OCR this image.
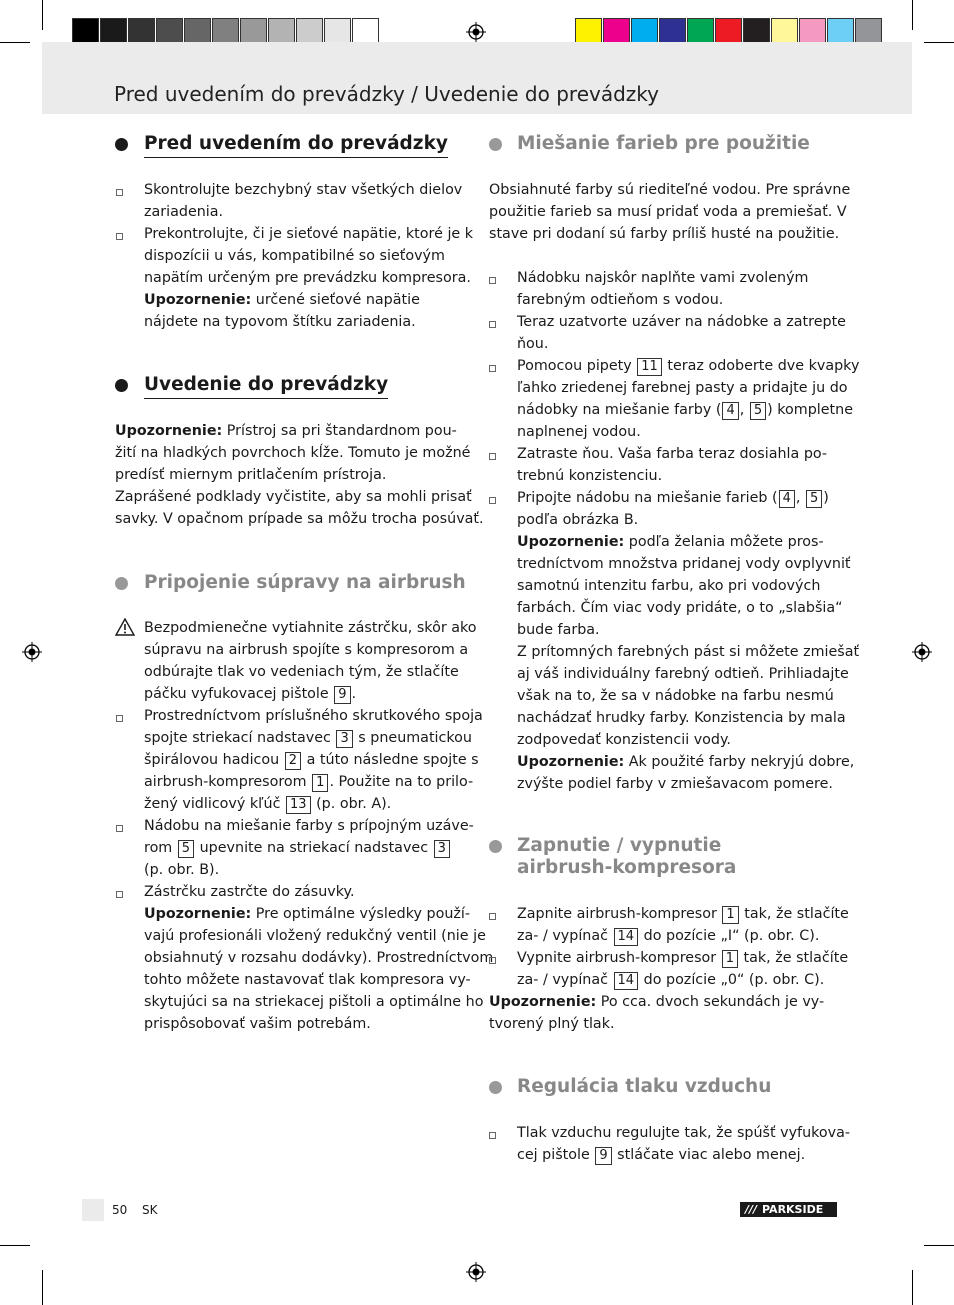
Pred uvedením do prevádzky / Uvedenie do prevádzky
Pred uvedením do prevádzky
Skontrolujte bezchybný stav všetkých dielov
zariadenia.
Prekontrolujte, či je sieťové napätie, ktoré je k
dispozícii u vás, kompatibilné so sieťovým
napätím určeným pre prevádzku kompresora.
Upozornenie: určené sieťové napätie
nájdete na typovom štítku zariadenia.
Uvedenie do prevádzky
Upozornenie: Prístroj sa pri štandardnom pou-
žití na hladkých povrchoch kĺže. Tomuto je možné
predísť miernym pritlačením prístroja.
Zaprášené podklady vyčistite, aby sa mohli prisať
savky. V opačnom prípade sa môžu trocha posúvať.
Pripojenie súpravy na airbrush
Bezpodmienečne vytiahnite zástrčku, skôr ako
súpravu na airbrush spojíte s kompresorom a
odbúrajte tlak vo vedeniach tým, že stlačíte
páčku vyfukovacej pištole 9 .
Prostredníctvom príslušného skrutkového spoja
spojte striekací nadstavec 3 s pneumatickou
špirálovou hadicou 2 a túto následne spojte s
airbrush-kompresorom 1 . Použite na to prilo-
žený vidlicový kľúč 13 (p. obr. A).
Nádobu na miešanie farby s prípojným uzáve-
rom 5 upevnite na striekací nadstavec 3
(p. obr. B).
Zástrčku zastrčte do zásuvky.
Upozornenie: Pre optimálne výsledky použí-
vajú profesionáli vložený redukčný ventil (nie je
obsiahnutý v rozsahu dodávky). Prostredníctvom
tohto môžete nastavovať tlak kompresora vy-
skytujúci sa na striekacej pištoli a optimálne ho
prispôsobovať vašim potrebám.
Miešanie farieb pre použitie
Obsiahnuté farby sú riediteľné vodou. Pre správne
použitie farieb sa musí pridať voda a premiešať. V
stave pri dodaní sú farby príliš husté na použitie.
Nádobku najskôr naplňte vami zvoleným
farebným odtieňom s vodou.
Teraz uzatvorte uzáver na nádobke a zatrepte
ňou.
Pomocou pipety 11 teraz odoberte dve kvapky
ľahko zriedenej farebnej pasty a pridajte ju do
nádobky na miešanie farby ( 4 , 5 ) kompletne
naplnenej vodou.
Zatraste ňou. Vaša farba teraz dosiahla po-
trebnú konzistenciu.
Pripojte nádobu na miešanie farieb ( 4 , 5 )
podľa obrázka B.
Upozornenie: podľa želania môžete pros-
tredníctvom množstva pridanej vody ovplyvniť
samotnú intenzitu farbu, ako pri vodových
farbách. Čím viac vody pridáte, o to „slabšia“
bude farba.
Z prítomných farebných pást si môžete zmiešať
aj váš individuálny farebný odtieň. Prihliadajte
však na to, že sa v nádobke na farbu nesmú
nachádzať hrudky farby. Konzistencia by mala
zodpovedať konzistencii vody.
Upozornenie: Ak použité farby nekryjú dobre,
zvýšte podiel farby v zmiešavacom pomere.
Zapnutie / vypnutie
airbrush-kompresora
Zapnite airbrush-kompresor 1 tak, že stlačíte
za- / vypínač 14 do pozície „I“ (p. obr. C).
Vypnite airbrush-kompresor 1 tak, že stlačíte
za- / vypínač 14 do pozície „0“ (p. obr. C).
Upozornenie: Po cca. dvoch sekundách je vy-
tvorený plný tlak.
Regulácia tlaku vzduchu
Tlak vzduchu regulujte tak, že spúšť vyfukova-
cej pištole 9 stláčate viac alebo menej.
50 SK	/// PARKSIDE
